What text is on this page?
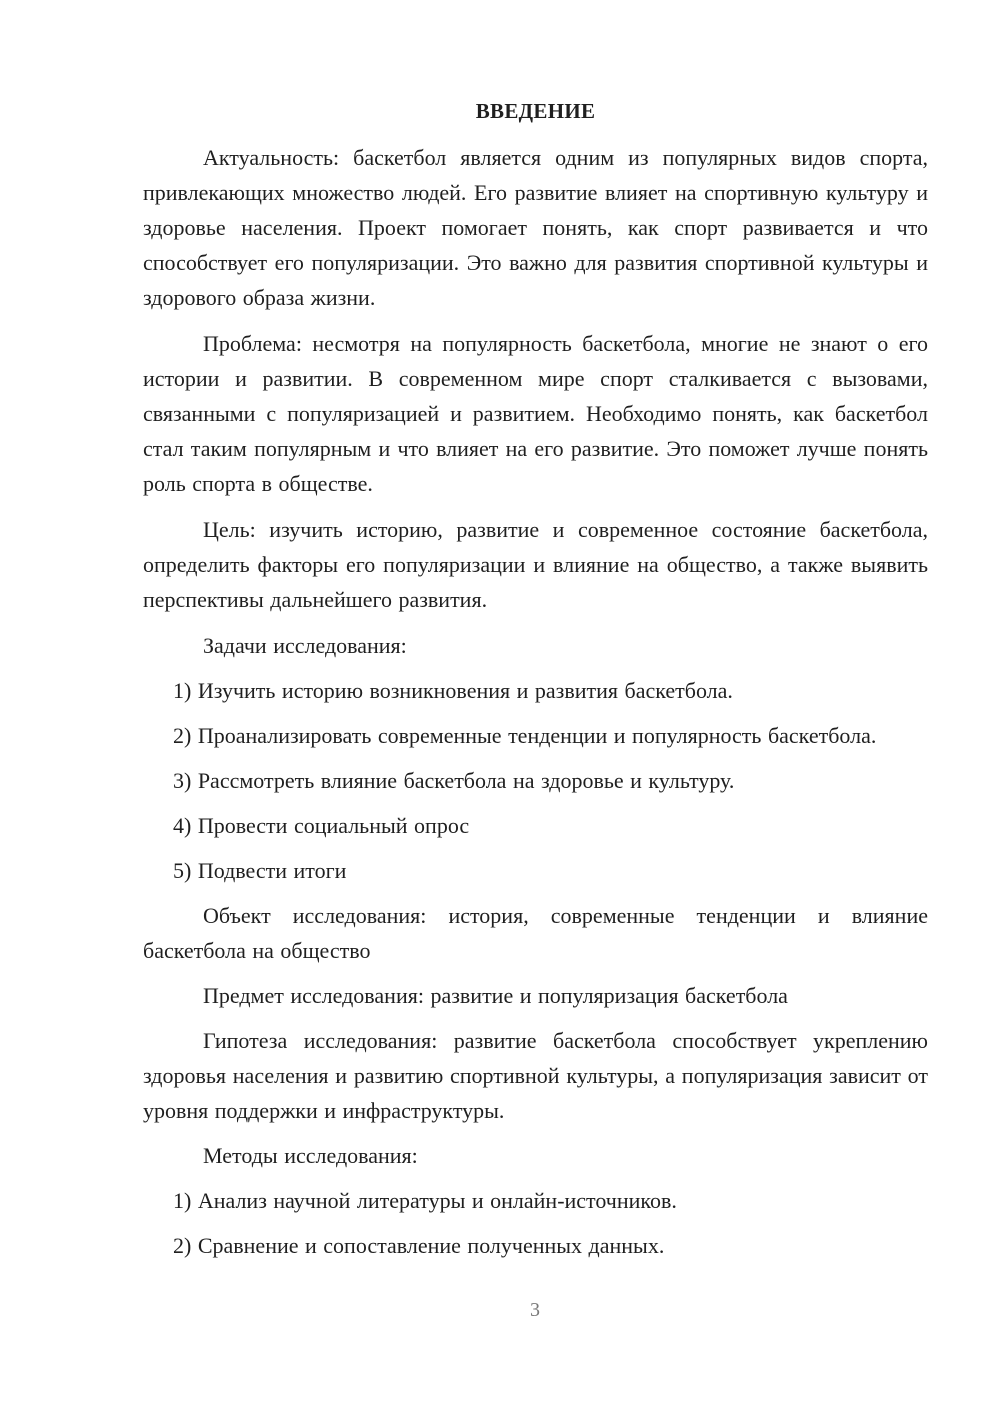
ВВЕДЕНИЕ

Актуальность: баскетбол является одним из популярных видов спорта, привлекающих множество людей. Его развитие влияет на спортивную культуру и здоровье населения. Проект помогает понять, как спорт развивается и что способствует его популяризации. Это важно для развития спортивной культуры и здорового образа жизни.

Проблема: несмотря на популярность баскетбола, многие не знают о его истории и развитии. В современном мире спорт сталкивается с вызовами, связанными с популяризацией и развитием. Необходимо понять, как баскетбол стал таким популярным и что влияет на его развитие. Это поможет лучше понять роль спорта в обществе.

Цель: изучить историю, развитие и современное состояние баскетбола, определить факторы его популяризации и влияние на общество, а также выявить перспективы дальнейшего развития.

Задачи исследования:

1) Изучить историю возникновения и развития баскетбола.

2) Проанализировать современные тенденции и популярность баскетбола.

3) Рассмотреть влияние баскетбола на здоровье и культуру.

4) Провести социальный опрос

5) Подвести итоги

Объект исследования: история, современные тенденции и влияние баскетбола на общество

Предмет исследования: развитие и популяризация баскетбола

Гипотеза исследования: развитие баскетбола способствует укреплению здоровья населения и развитию спортивной культуры, а популяризация зависит от уровня поддержки и инфраструктуры.

Методы исследования:

1) Анализ научной литературы и онлайн-источников.

2) Сравнение и сопоставление полученных данных.

3
